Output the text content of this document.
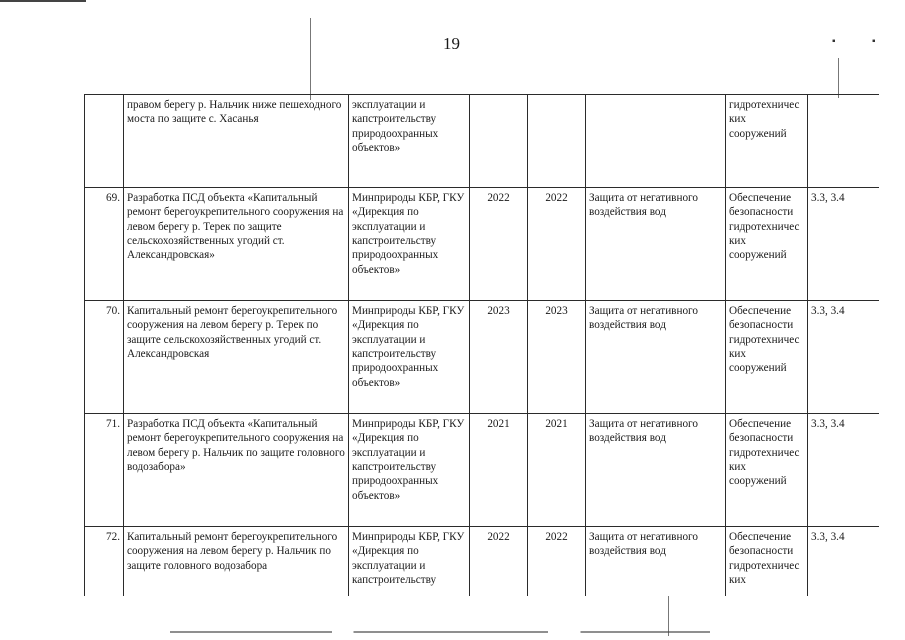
▪	▪
19
	правом берегу р. Нальчик ниже пешеходного моста по защите с. Хасанья	эксплуатации и капстроительству природоохранных объектов»				гидротехничес ких сооружений	
69.	Разработка ПСД объекта «Капитальный ремонт берегоукрепительного сооружения на левом берегу р. Терек по защите сельскохозяйственных угодий ст. Александровская»	Минприроды КБР, ГКУ «Дирекция по эксплуатации и капстроительству природоохранных объектов»	2022	2022	Защита от негативного воздействия вод	Обеспечение безопасности гидротехничес ких сооружений	3.3, 3.4
70.	Капитальный ремонт берегоукрепительного сооружения на левом берегу р. Терек по защите сельскохозяйственных угодий ст. Александровская	Минприроды КБР, ГКУ «Дирекция по эксплуатации и капстроительству природоохранных объектов»	2023	2023	Защита от негативного воздействия вод	Обеспечение безопасности гидротехничес ких сооружений	3.3, 3.4
71.	Разработка ПСД объекта «Капитальный ремонт берегоукрепительного сооружения на левом берегу р. Нальчик по защите головного водозабора»	Минприроды КБР, ГКУ «Дирекция по эксплуатации и капстроительству природоохранных объектов»	2021	2021	Защита от негативного воздействия вод	Обеспечение безопасности гидротехничес ких сооружений	3.3, 3.4
72.	Капитальный ремонт берегоукрепительного сооружения на левом берегу р. Нальчик по защите головного водозабора	Минприроды КБР, ГКУ «Дирекция по эксплуатации и капстроительству	2022	2022	Защита от негативного воздействия вод	Обеспечение безопасности гидротехничес ких	3.3, 3.4
